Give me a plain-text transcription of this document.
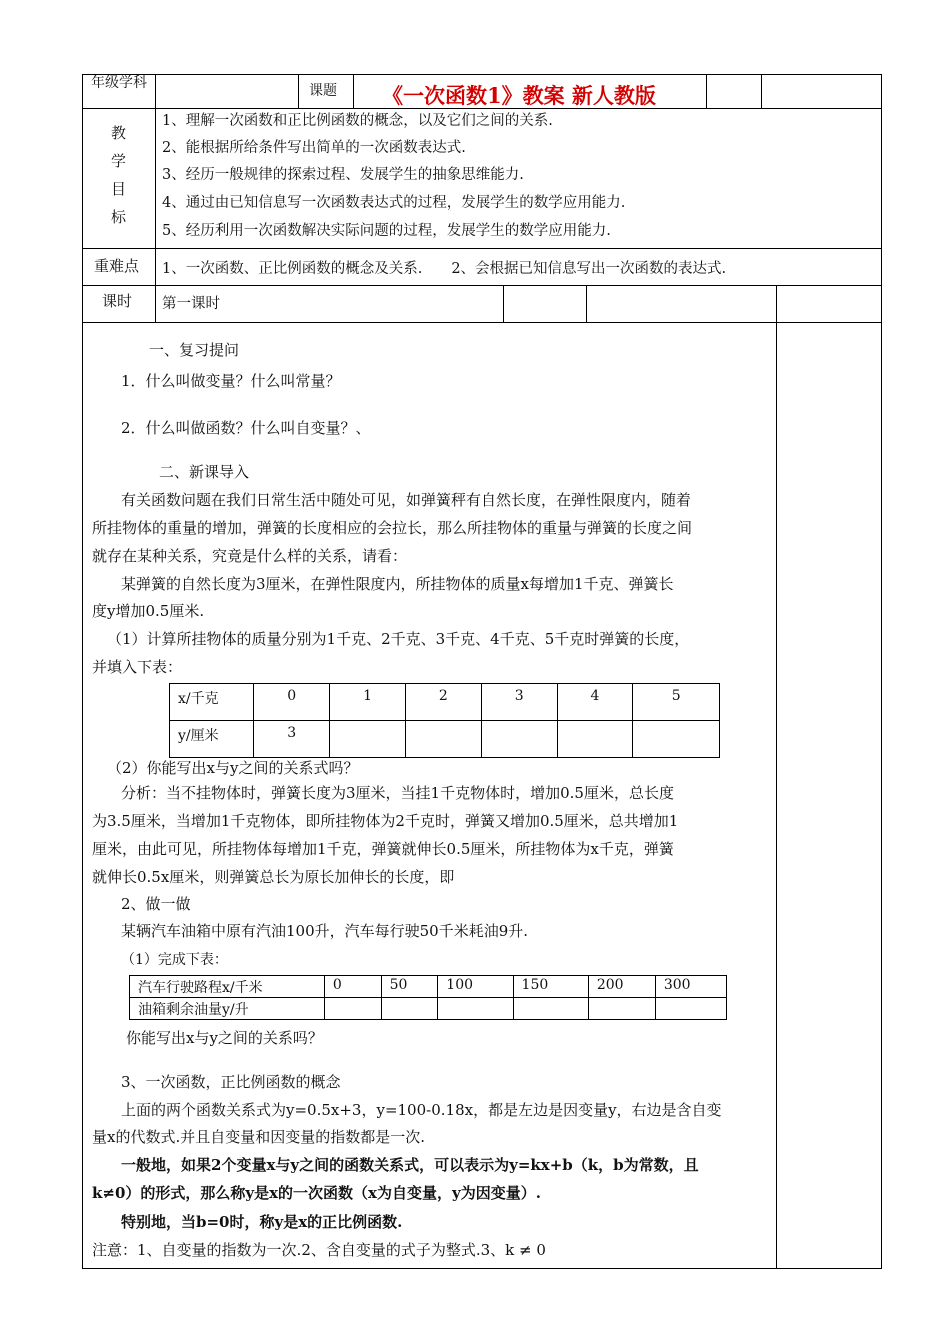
年级学科	课题 《一次函数1》教案 新人教版
教
学
目
标
1、理解一次函数和正比例函数的概念，以及它们之间的关系.
2、能根据所给条件写出简单的一次函数表达式.
3、经历一般规律的探索过程、发展学生的抽象思维能力.
4、通过由已知信息写一次函数表达式的过程，发展学生的数学应用能力.
5、经历利用一次函数解决实际问题的过程，发展学生的数学应用能力.
重难点 1、一次函数、正比例函数的概念及关系.　　2、会根据已知信息写出一次函数的表达式.
课时 第一课时
一、复习提问
1．什么叫做变量？什么叫常量？
2．什么叫做函数？什么叫自变量？、
二、新课导入
有关函数问题在我们日常生活中随处可见，如弹簧秤有自然长度，在弹性限度内，随着
所挂物体的重量的增加，弹簧的长度相应的会拉长，那么所挂物体的重量与弹簧的长度之间
就存在某种关系，究竟是什么样的关系，请看：
某弹簧的自然长度为3厘米，在弹性限度内，所挂物体的质量x每增加1千克、弹簧长
度y增加0.5厘米.
（1）计算所挂物体的质量分别为1千克、2千克、3千克、4千克、5千克时弹簧的长度，
并填入下表：
x/千克	0	1	2	3	4	5
y/厘米	3					
（2）你能写出x与y之间的关系式吗？
分析：当不挂物体时，弹簧长度为3厘米，当挂1千克物体时，增加0.5厘米，总长度
为3.5厘米，当增加1千克物体，即所挂物体为2千克时，弹簧又增加0.5厘米，总共增加1
厘米，由此可见，所挂物体每增加1千克，弹簧就伸长0.5厘米，所挂物体为x千克，弹簧
就伸长0.5x厘米，则弹簧总长为原长加伸长的长度，即
2、做一做
某辆汽车油箱中原有汽油100升，汽车每行驶50千米耗油9升.
（1）完成下表：
汽车行驶路程x/千米	0	50	100	150	200	300
油箱剩余油量y/升						
你能写出x与y之间的关系吗？
3、一次函数，正比例函数的概念
上面的两个函数关系式为y=0.5x+3，y=100-0.18x，都是左边是因变量y，右边是含自变
量x的代数式.并且自变量和因变量的指数都是一次.
一般地，如果2个变量x与y之间的函数关系式，可以表示为y=kx+b（k，b为常数，且
k≠0）的形式，那么称y是x的一次函数（x为自变量，y为因变量）.
特别地，当b=0时，称y是x的正比例函数.
注意：1、自变量的指数为一次.2、含自变量的式子为整式.3、k ≠ 0
